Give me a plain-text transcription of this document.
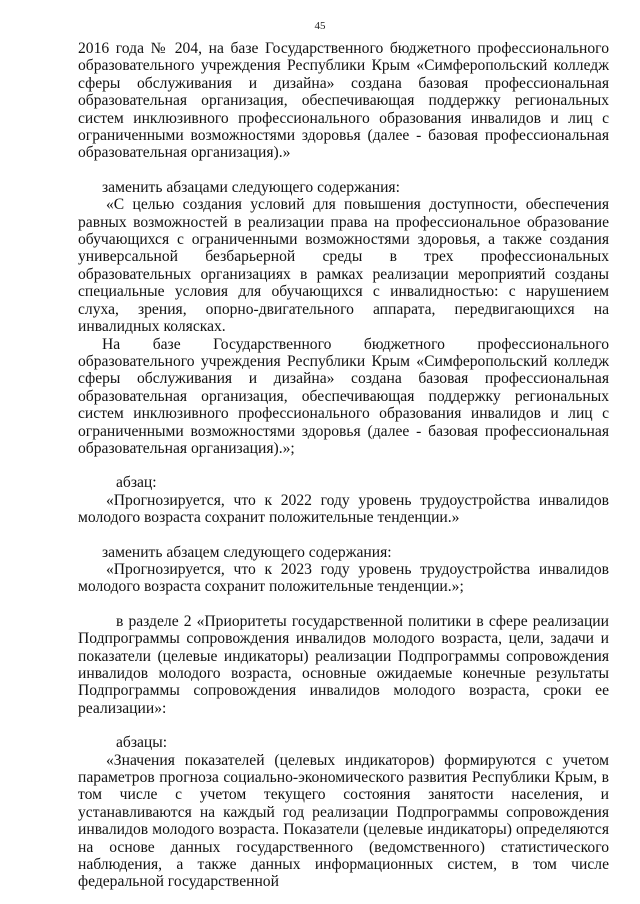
45

2016 года № 204, на базе Государственного бюджетного профессионального образовательного учреждения Республики Крым «Симферопольский колледж сферы обслуживания и дизайна» создана базовая профессиональная образовательная организация, обеспечивающая поддержку региональных систем инклюзивного профессионального образования инвалидов и лиц с ограниченными возможностями здоровья (далее - базовая профессиональная образовательная организация).»

заменить абзацами следующего содержания:

«С целью создания условий для повышения доступности, обеспечения равных возможностей в реализации права на профессиональное образование обучающихся с ограниченными возможностями здоровья, а также создания универсальной безбарьерной среды в трех профессиональных образовательных организациях в рамках реализации мероприятий созданы специальные условия для обучающихся с инвалидностью: с нарушением слуха, зрения, опорно-двигательного аппарата, передвигающихся на инвалидных колясках.

На базе Государственного бюджетного профессионального образовательного учреждения Республики Крым «Симферопольский колледж сферы обслуживания и дизайна» создана базовая профессиональная образовательная организация, обеспечивающая поддержку региональных систем инклюзивного профессионального образования инвалидов и лиц с ограниченными возможностями здоровья (далее - базовая профессиональная образовательная организация).»;

абзац:

«Прогнозируется, что к 2022 году уровень трудоустройства инвалидов молодого возраста сохранит положительные тенденции.»

заменить абзацем следующего содержания:

«Прогнозируется, что к 2023 году уровень трудоустройства инвалидов молодого возраста сохранит положительные тенденции.»;

в разделе 2 «Приоритеты государственной политики в сфере реализации Подпрограммы сопровождения инвалидов молодого возраста, цели, задачи и показатели (целевые индикаторы) реализации Подпрограммы сопровождения инвалидов молодого возраста, основные ожидаемые конечные результаты Подпрограммы сопровождения инвалидов молодого возраста, сроки ее реализации»:

абзацы:

«Значения показателей (целевых индикаторов) формируются с учетом параметров прогноза социально-экономического развития Республики Крым, в том числе с учетом текущего состояния занятости населения, и устанавливаются на каждый год реализации Подпрограммы сопровождения инвалидов молодого возраста. Показатели (целевые индикаторы) определяются на основе данных государственного (ведомственного) статистического наблюдения, а также данных информационных систем, в том числе федеральной государственной
